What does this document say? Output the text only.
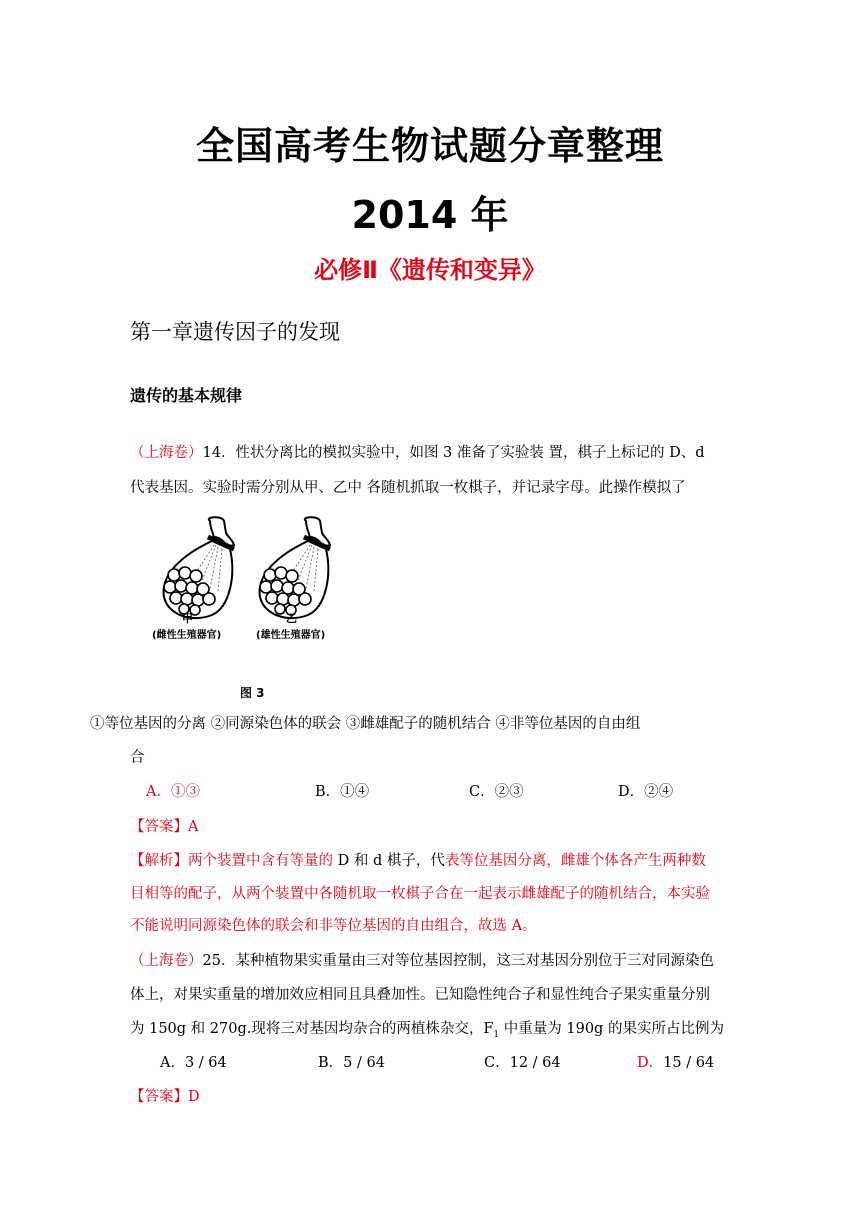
全国高考生物试题分章整理
2014 年
必修Ⅱ《遗传和变异》
第一章遗传因子的发现
遗传的基本规律
（上海卷）14．性状分离比的模拟实验中，如图 3 准备了实验装 置，棋子上标记的 D、d
代表基因。实验时需分别从甲、乙中 各随机抓取一枚棋子，并记录字母。此操作模拟了
甲
(雌性生殖器官)
乙
(雄性生殖器官)
图 3
①等位基因的分离 ②同源染色体的联会 ③雌雄配子的随机结合 ④非等位基因的自由组
合
A．①③	B．①④	C．②③	D．②④
【答案】A
【解析】两个装置中含有等量的 D 和 d 棋子，代表等位基因分离，雌雄个体各产生两种数
目相等的配子，从两个装置中各随机取一枚棋子合在一起表示雌雄配子的随机结合，本实验
不能说明同源染色体的联会和非等位基因的自由组合，故选 A。
（上海卷）25．某种植物果实重量由三对等位基因控制，这三对基因分别位于三对同源染色
体上，对果实重量的增加效应相同且具叠加性。已知隐性纯合子和显性纯合子果实重量分别
为 150g 和 270g.现将三对基因均杂合的两植株杂交，$F_1$ 中重量为 190g 的果实所占比例为
A．3 / 64	B．5 / 64	C．12 / 64	D．15 / 64
【答案】D
